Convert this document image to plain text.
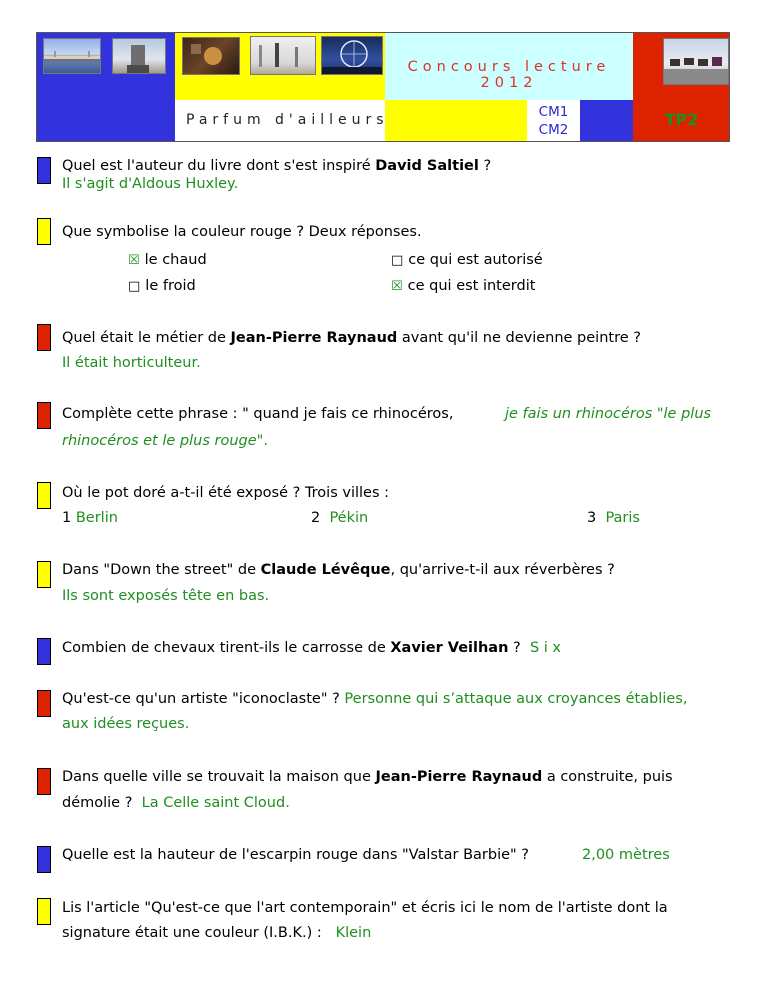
Concours lecture 2012
Parfum d'ailleurs	CM1
CM2
TP2
Quel est l'auteur du livre dont s'est inspiré David Saltiel ?
Il s'agit d'Aldous Huxley.
Que symbolise la couleur rouge ? Deux réponses.
☒ le chaud	□ ce qui est autorisé
□ le froid	☒ ce qui est interdit
Quel était le métier de Jean-Pierre Raynaud avant qu'il ne devienne peintre ?
Il était horticulteur.
Complète cette phrase : " quand je fais ce rhinocéros,	je fais un rhinocéros "le plus
rhinocéros et le plus rouge".
Où le pot doré a-t-il été exposé ? Trois villes :
1 Berlin	2 Pékin	3 Paris
Dans "Down the street" de Claude Lévêque, qu'arrive-t-il aux réverbères ?
Ils sont exposés tête en bas.
Combien de chevaux tirent-ils le carrosse de Xavier Veilhan ? S i x
Qu'est-ce qu'un artiste "iconoclaste" ? Personne qui s’attaque aux croyances établies,
aux idées reçues.
Dans quelle ville se trouvait la maison que Jean-Pierre Raynaud a construite, puis
démolie ? La Celle saint Cloud.
Quelle est la hauteur de l'escarpin rouge dans "Valstar Barbie" ?	2,00 mètres
Lis l'article "Qu'est-ce que l'art contemporain" et écris ici le nom de l'artiste dont la
signature était une couleur (I.B.K.) : Klein
